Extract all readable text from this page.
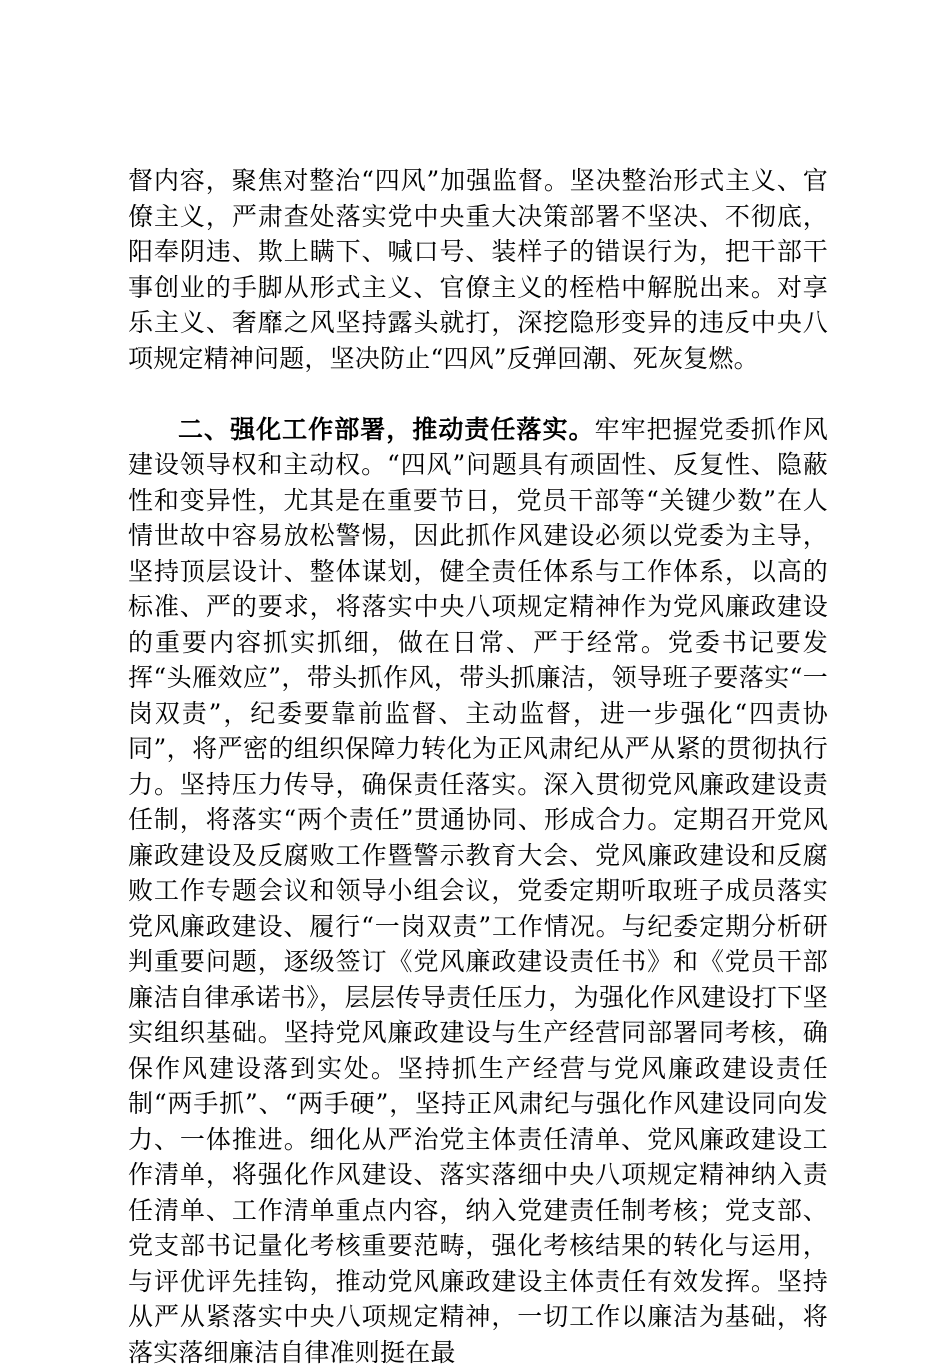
督内容，聚焦对整治“四风”加强监督。坚决整治形式主义、官僚主义，严肃查处落实党中央重大决策部署不坚决、不彻底，阳奉阴违、欺上瞒下、喊口号、装样子的错误行为，把干部干事创业的手脚从形式主义、官僚主义的桎梏中解脱出来。对享乐主义、奢靡之风坚持露头就打，深挖隐形变异的违反中央八项规定精神问题，坚决防止“四风”反弹回潮、死灰复燃。

二、强化工作部署，推动责任落实。牢牢把握党委抓作风建设领导权和主动权。“四风”问题具有顽固性、反复性、隐蔽性和变异性，尤其是在重要节日，党员干部等“关键少数”在人情世故中容易放松警惕，因此抓作风建设必须以党委为主导，坚持顶层设计、整体谋划，健全责任体系与工作体系，以高的标准、严的要求，将落实中央八项规定精神作为党风廉政建设的重要内容抓实抓细，做在日常、严于经常。党委书记要发挥“头雁效应”，带头抓作风，带头抓廉洁，领导班子要落实“一岗双责”，纪委要靠前监督、主动监督，进一步强化“四责协同”，将严密的组织保障力转化为正风肃纪从严从紧的贯彻执行力。坚持压力传导，确保责任落实。深入贯彻党风廉政建设责任制，将落实“两个责任”贯通协同、形成合力。定期召开党风廉政建设及反腐败工作暨警示教育大会、党风廉政建设和反腐败工作专题会议和领导小组会议，党委定期听取班子成员落实党风廉政建设、履行“一岗双责”工作情况。与纪委定期分析研判重要问题，逐级签订《党风廉政建设责任书》和《党员干部廉洁自律承诺书》，层层传导责任压力，为强化作风建设打下坚实组织基础。坚持党风廉政建设与生产经营同部署同考核，确保作风建设落到实处。坚持抓生产经营与党风廉政建设责任制“两手抓”、“两手硬”，坚持正风肃纪与强化作风建设同向发力、一体推进。细化从严治党主体责任清单、党风廉政建设工作清单，将强化作风建设、落实落细中央八项规定精神纳入责任清单、工作清单重点内容，纳入党建责任制考核；党支部、党支部书记量化考核重要范畴，强化考核结果的转化与运用，与评优评先挂钩，推动党风廉政建设主体责任有效发挥。坚持从严从紧落实中央八项规定精神，一切工作以廉洁为基础，将落实落细廉洁自律准则挺在最
